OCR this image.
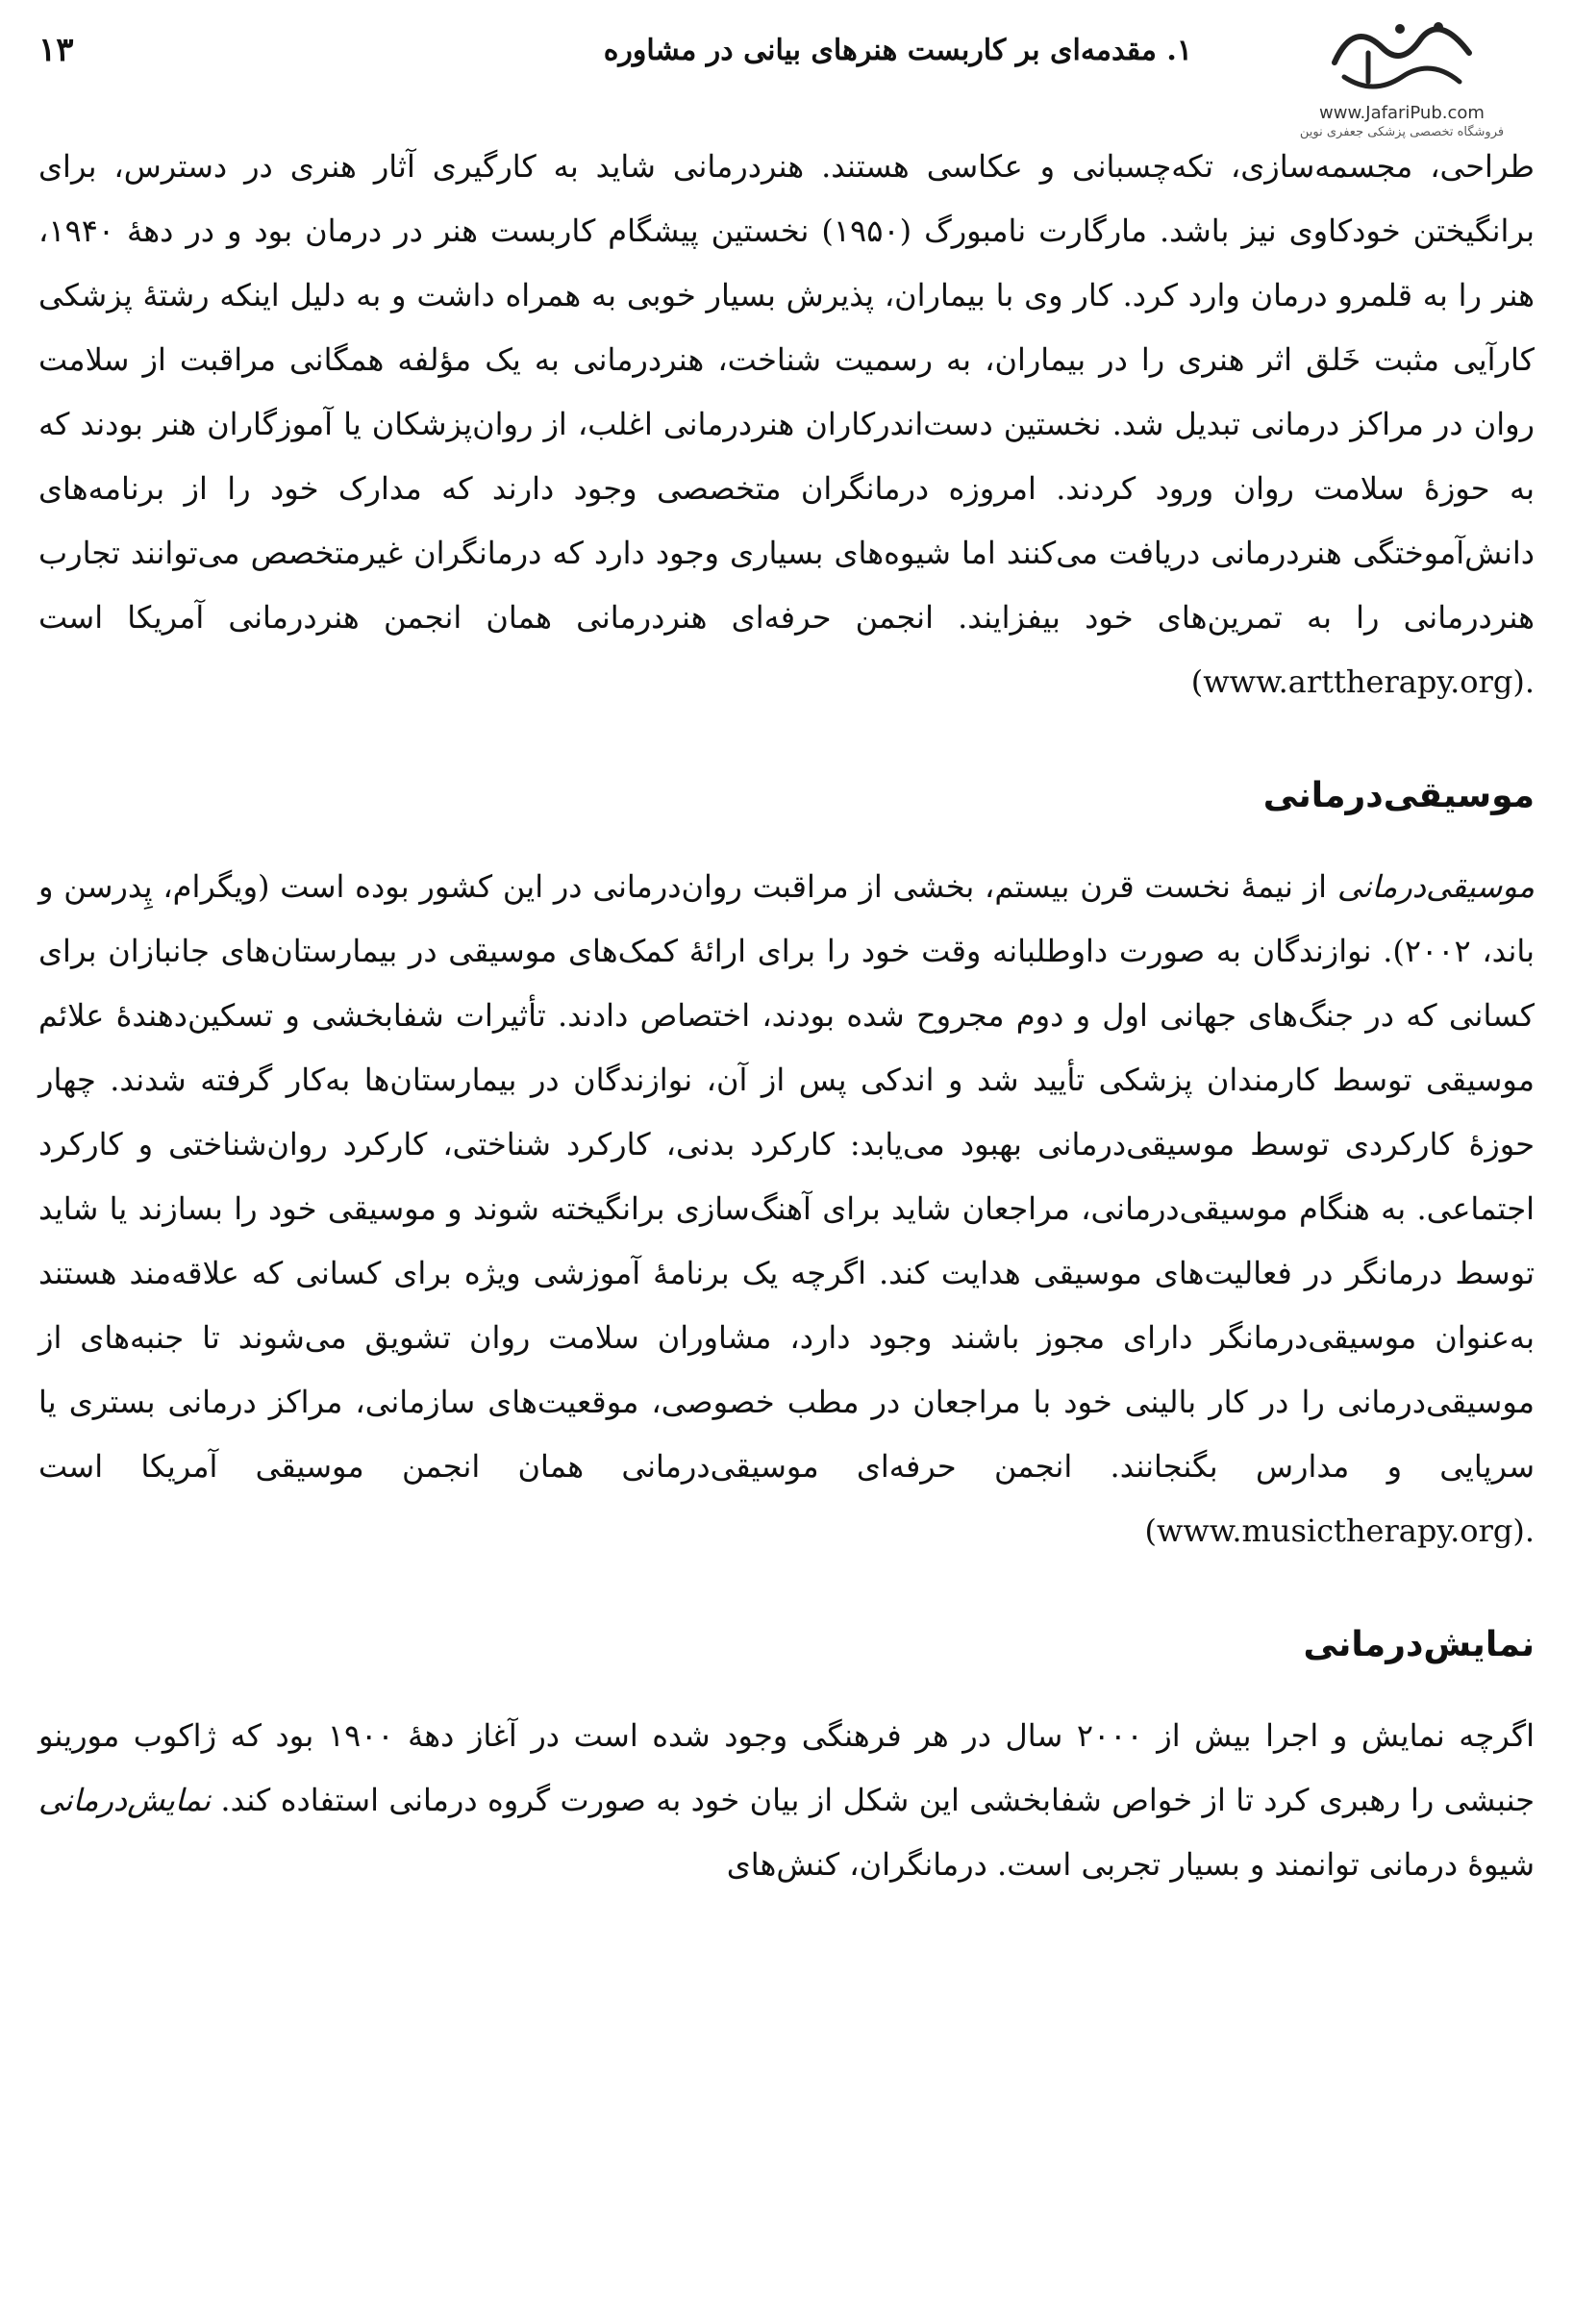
www.JafariPub.com
فروشگاه تخصصی پزشکی جعفری نوین
۱. مقدمه‌ای بر کاربست هنرهای بیانی در مشاوره
۱۳

طراحی، مجسمه‌سازی، تکه‌چسبانی و عکاسی هستند. هنردرمانی شاید به کارگیری آثار هنری در دسترس، برای برانگیختن خودکاوی نیز باشد. مارگارت نامبورگ (۱۹۵۰) نخستین پیشگام کاربست هنر در درمان بود و در دههٔ ۱۹۴۰، هنر را به قلمرو درمان وارد کرد. کار وی با بیماران، پذیرش بسیار خوبی به همراه داشت و به دلیل اینکه رشتهٔ پزشکی کارآیی مثبت خَلق اثر هنری را در بیماران، به رسمیت شناخت، هنردرمانی به یک مؤلفه همگانی مراقبت از سلامت روان در مراکز درمانی تبدیل شد. نخستین دست‌اندرکاران هنردرمانی اغلب، از روان‌پزشکان یا آموزگاران هنر بودند که به حوزهٔ سلامت روان ورود کردند. امروزه درمانگران متخصصی وجود دارند که مدارک خود را از برنامه‌های دانش‌آموختگی هنردرمانی دریافت می‌کنند اما شیوه‌های بسیاری وجود دارد که درمانگران غیرمتخصص می‌توانند تجارب هنردرمانی را به تمرین‌های خود بیفزایند. انجمن حرفه‌ای هنردرمانی همان انجمن هنردرمانی آمریکا است (www.arttherapy.org).

موسیقی‌درمانی

موسیقی‌درمانی از نیمهٔ نخست قرن بیستم، بخشی از مراقبت روان‌درمانی در این کشور بوده است (ویگرام، پِدرسن و باند، ۲۰۰۲). نوازندگان به صورت داوطلبانه وقت خود را برای ارائهٔ کمک‌های موسیقی در بیمارستان‌های جانبازان برای کسانی که در جنگ‌های جهانی اول و دوم مجروح شده بودند، اختصاص دادند. تأثیرات شفابخشی و تسکین‌دهندهٔ علائم موسیقی توسط کارمندان پزشکی تأیید شد و اندکی پس از آن، نوازندگان در بیمارستان‌ها به‌کار گرفته شدند. چهار حوزهٔ کارکردی توسط موسیقی‌درمانی بهبود می‌یابد: کارکرد بدنی، کارکرد شناختی، کارکرد روان‌شناختی و کارکرد اجتماعی. به هنگام موسیقی‌درمانی، مراجعان شاید برای آهنگ‌سازی برانگیخته شوند و موسیقی خود را بسازند یا شاید توسط درمانگر در فعالیت‌های موسیقی هدایت کند. اگرچه یک برنامهٔ آموزشی ویژه برای کسانی که علاقه‌مند هستند به‌عنوان موسیقی‌درمانگر دارای مجوز باشند وجود دارد، مشاوران سلامت روان تشویق می‌شوند تا جنبه‌های از موسیقی‌درمانی را در کار بالینی خود با مراجعان در مطب خصوصی، موقعیت‌های سازمانی، مراکز درمانی بستری یا سرپایی و مدارس بگنجانند. انجمن حرفه‌ای موسیقی‌درمانی همان انجمن موسیقی آمریکا است (www.musictherapy.org).

نمایش‌درمانی

اگرچه نمایش و اجرا بیش از ۲۰۰۰ سال در هر فرهنگی وجود شده است در آغاز دههٔ ۱۹۰۰ بود که ژاکوب مورینو جنبشی را رهبری کرد تا از خواص شفابخشی این شکل از بیان خود به صورت گروه درمانی استفاده کند. نمایش‌درمانی شیوهٔ درمانی توانمند و بسیار تجربی است. درمانگران، کنش‌های
